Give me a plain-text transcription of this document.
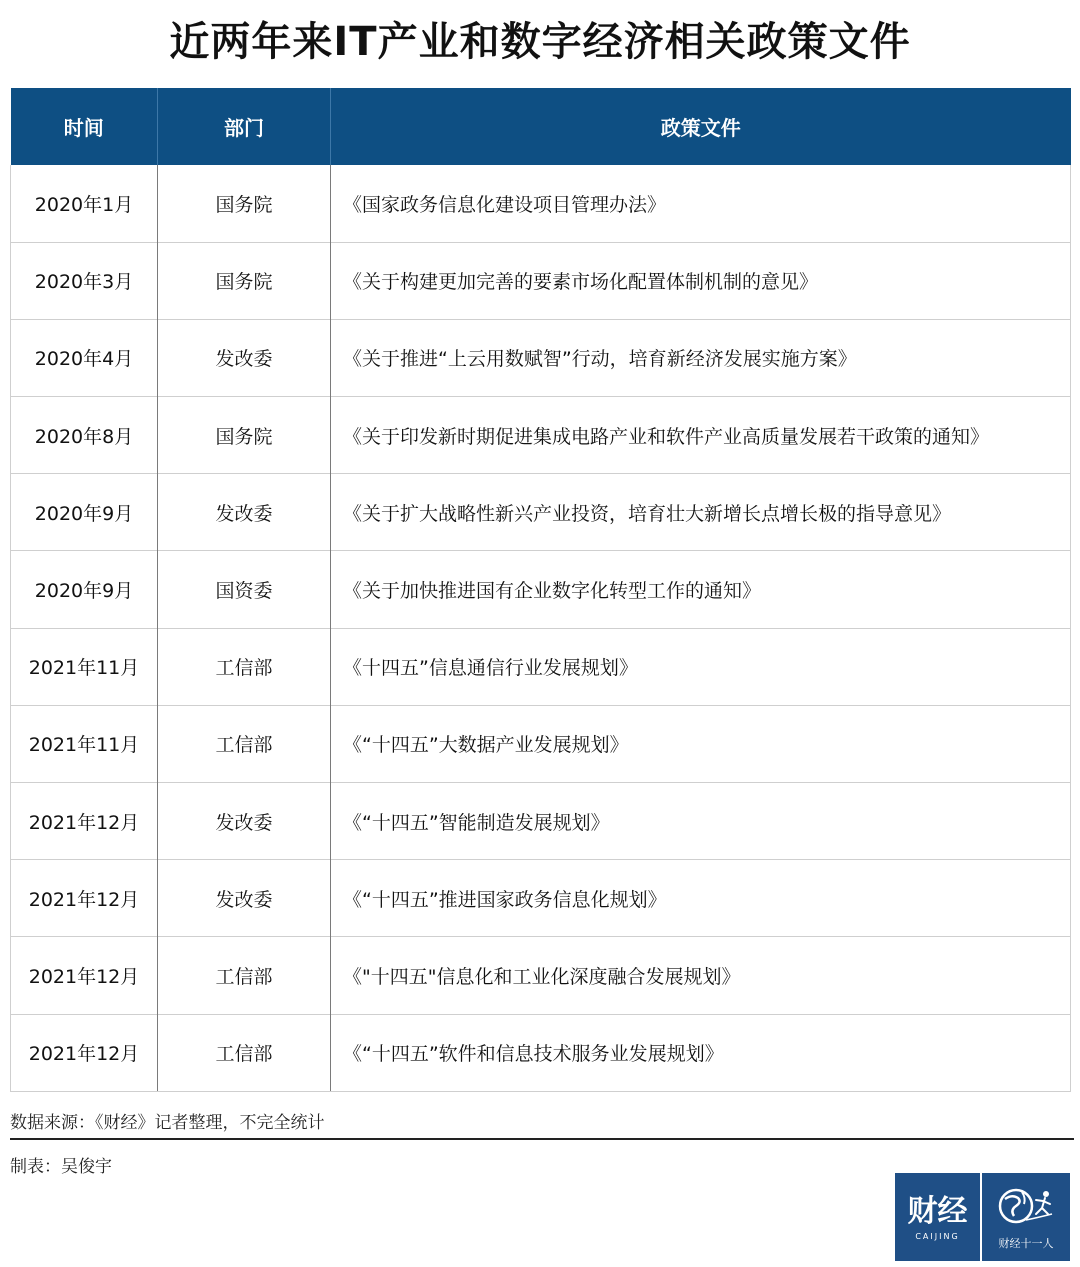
近两年来IT产业和数字经济相关政策文件
时间	部门	政策文件
2020年1月	国务院	《国家政务信息化建设项目管理办法》
2020年3月	国务院	《关于构建更加完善的要素市场化配置体制机制的意见》
2020年4月	发改委	《关于推进“上云用数赋智”行动，培育新经济发展实施方案》
2020年8月	国务院	《关于印发新时期促进集成电路产业和软件产业高质量发展若干政策的通知》
2020年9月	发改委	《关于扩大战略性新兴产业投资，培育壮大新增长点增长极的指导意见》
2020年9月	国资委	《关于加快推进国有企业数字化转型工作的通知》
2021年11月	工信部	《十四五”信息通信行业发展规划》
2021年11月	工信部	《“十四五”大数据产业发展规划》
2021年12月	发改委	《“十四五”智能制造发展规划》
2021年12月	发改委	《“十四五”推进国家政务信息化规划》
2021年12月	工信部	《"十四五"信息化和工业化深度融合发展规划》
2021年12月	工信部	《“十四五”软件和信息技术服务业发展规划》
数据来源：《财经》记者整理，不完全统计
制表：吴俊宇
财经
CAIJING
财经十一人
